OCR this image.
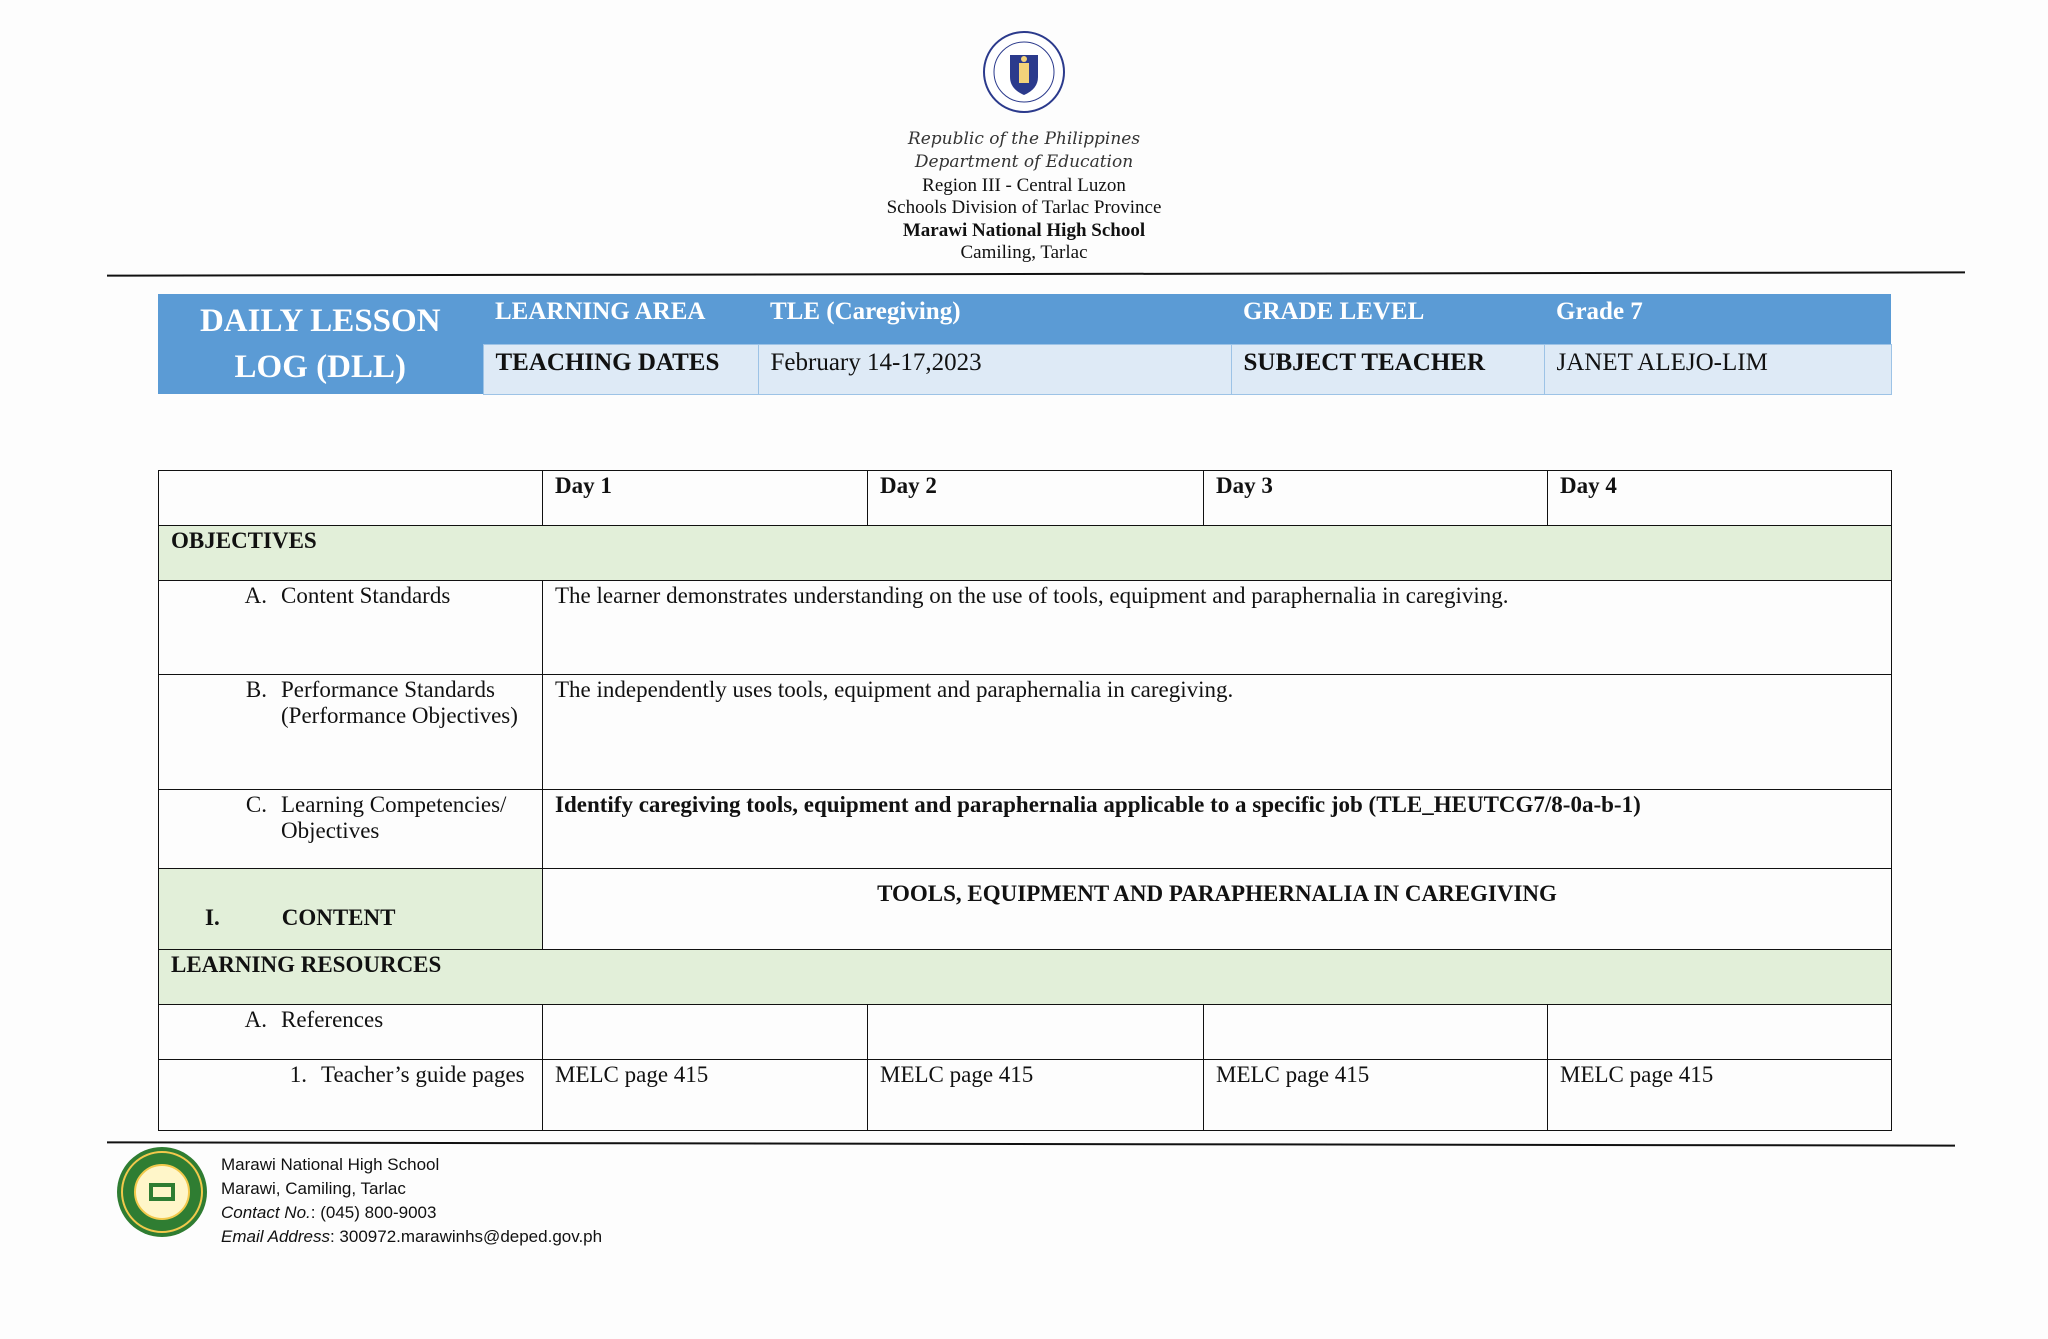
Republic of the Philippines
Department of Education
Region III - Central Luzon
Schools Division of Tarlac Province
Marawi National High School
Camiling, Tarlac
DAILY LESSON LOG (DLL)	LEARNING AREA	TLE (Caregiving)	GRADE LEVEL	Grade 7
	TEACHING DATES	February 14-17,2023	SUBJECT TEACHER	JANET ALEJO-LIM
	Day 1	Day 2	Day 3	Day 4
OBJECTIVES				

A. Content Standards	The learner demonstrates understanding on the use of tools, equipment and paraphernalia in caregiving.			

B. Performance Standards (Performance Objectives)	The independently uses tools, equipment and paraphernalia in caregiving.			

C. Learning Competencies/ Objectives	Identify caregiving tools, equipment and paraphernalia applicable to a specific job (TLE_HEUTCG7/8-0a-b-1)			

I. CONTENT	TOOLS, EQUIPMENT AND PARAPHERNALIA IN CAREGIVING			
LEARNING RESOURCES				

A. References				

1. Teacher’s guide pages	MELC page 415	MELC page 415	MELC page 415	MELC page 415
Marawi National High School
Marawi, Camiling, Tarlac
Contact No.: (045) 800-9003
Email Address: 300972.marawinhs@deped.gov.ph
